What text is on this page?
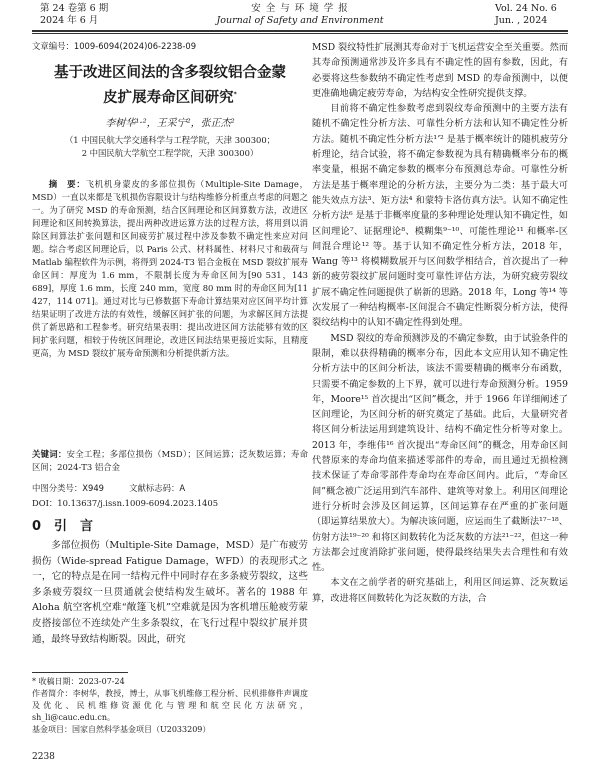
第 24 卷第 6 期
2024 年 6 月
安 全 与 环 境 学 报
Journal of Safety and Environment
Vol. 24 No. 6
Jun. , 2024
文章编号：1009-6094(2024)06-2238-09
基于改进区间法的含多裂纹铝合金蒙皮扩展寿命区间研究*
李树华¹·²，王采宁²，张正杰²
（1 中国民航大学交通科学与工程学院，天津 300300；
2 中国民航大学航空工程学院，天津 300300）
摘　要：飞机机身蒙皮的多部位损伤（Multiple-Site Damage，MSD）一直以来都是飞机损伤容限设计与结构维修分析重点考虑的问题之一。为了研究 MSD 的寿命预测，结合区间理论和区间算数方法，改进区间理论和区间转换算法，提出两种改进运算方法的过程方法，将用到以消除区间算法扩张问题和区间疲劳扩展过程中涉及参数不确定性来应对问题。综合考虑区间理论后，以 Paris 公式、材料属性、材料尺寸和载荷与 Matlab 编程软件为示例，将得到 2024-T3 铝合金板在 MSD 裂纹扩展寿命区间：厚度为 1.6 mm，不限制长度为寿命区间为[90 531，143 689]，厚度 1.6 mm，长度 240 mm，宽度 80 mm 时的寿命区间为[11 427，114 071]。通过对比与已修数据下寿命计算结果对应区间平均计算结果证明了改进方法的有效性，缓解区间扩张的问题，为求解区间方法提供了新思路和工程参考。研究结果表明：提出改进区间方法能够有效的区间扩张问题，相较于传统区间理论，改进区间法结果更接近实际，且精度更高，为 MSD 裂纹扩展寿命预测和分析提供新方法。
关键词：安全工程；多部位损伤（MSD）；区间运算；泛灰数运算；寿命区间；2024-T3 铝合金
中图分类号：X949　　　文献标志码：A
DOI：10.13637/j.issn.1009-6094.2023.1405
0　引　言

多部位损伤（Multiple-Site Damage，MSD）是广布疲劳损伤（Wide-spread Fatigue Damage，WFD）的表现形式之一，它的特点是在同一结构元件中同时存在多条疲劳裂纹，这些多条疲劳裂纹一旦贯通就会使结构发生破坏。著名的 1988 年 Aloha 航空客机空难“敞篷飞机”空难就是因为客机增压舱疲劳蒙皮搭接部位不连续处产生多条裂纹，在飞行过程中裂纹扩展并贯通，最终导致结构断裂。因此，研究

* 收稿日期：2023-07-24
作者简介：李树华，教授，博士，从事飞机维修工程分析、民机排修件声调度及优化、民机维修资源优化与管理和航空民化方法研究，sh_li@cauc.edu.cn。
基金项目：国家自然科学基金项目（U2033209）
2238

MSD 裂纹特性扩展测其寿命对于飞机运营安全至关重要。然而其寿命预测通常涉及许多具有不确定性的固有参数，因此，有必要将这些参数纳不确定性考虑到 MSD 的寿命预测中，以便更准确地确定疲劳寿命，为结构安全性研究提供支撑。

目前将不确定性参数考虑到裂纹寿命预测中的主要方法有随机不确定性分析方法、可靠性分析方法和认知不确定性分析方法。随机不确定性分析方法¹ʼ² 是基于概率统计的随机疲劳分析理论，结合试验，将不确定参数视为具有精确概率分布的概率变量，根据不确定参数的概率分布预测总寿命。可靠性分析方法是基于概率理论的分析方法，主要分为二类：基于最大可能失效点方法³、矩方法⁴ 和蒙特卡洛仿真方法⁵。认知不确定性分析方法⁶ 是基于非概率度量的多种理论处理认知不确定性，如区间理论⁷、证据理论⁸、模糊集⁹⁻¹⁰、可能性理论¹¹ 和概率-区间混合理论¹² 等。基于认知不确定性分析方法，2018 年，Wang 等¹³ 将模糊数展开与区间数学相结合，首次提出了一种新的疲劳裂纹扩展问题时变可靠性评估方法，为研究疲劳裂纹扩展不确定性问题提供了崭新的思路。2018 年，Long 等¹⁴ 等次发展了一种结构概率-区间混合不确定性断裂分析方法，使得裂纹结构中的认知不确定性得到处理。

MSD 裂纹的寿命预测涉及的不确定参数，由于试验条件的限制，难以获得精确的概率分布，因此本文应用认知不确定性分析方法中的区间分析法，该法不需要精确的概率分布函数，只需要不确定参数的上下界，就可以进行寿命预测分析。1959 年，Moore¹⁵ 首次提出“区间”概念，并于 1966 年详细阐述了区间理论，为区间分析的研究奠定了基础。此后，大量研究者将区间分析法运用到建筑设计、结构不确定性分析等对象上。2013 年，李维伟¹⁶ 首次提出“寿命区间”的概念，用寿命区间代替原来的寿命均值来描述零部件的寿命，而且通过无损检测技术保证了寿命零部件寿命均在寿命区间内。此后，“寿命区间”概念被广泛运用到汽车部件、建筑等对象上。利用区间理论进行分析时会涉及区间运算，区间运算存在严重的扩张问题（即运算结果放大）。为解决该问题，应运而生了截断法¹⁷⁻¹⁸、仿射方法¹⁹⁻²⁰ 和将区间数转化为泛灰数的方法²¹⁻²²，但这一种方法都会过度消除扩张问题，使得最终结果失去合理性和有效性。

本文在之前学者的研究基础上，利用区间运算、泛灰数运算，改进将区间数转化为泛灰数的方法，合
